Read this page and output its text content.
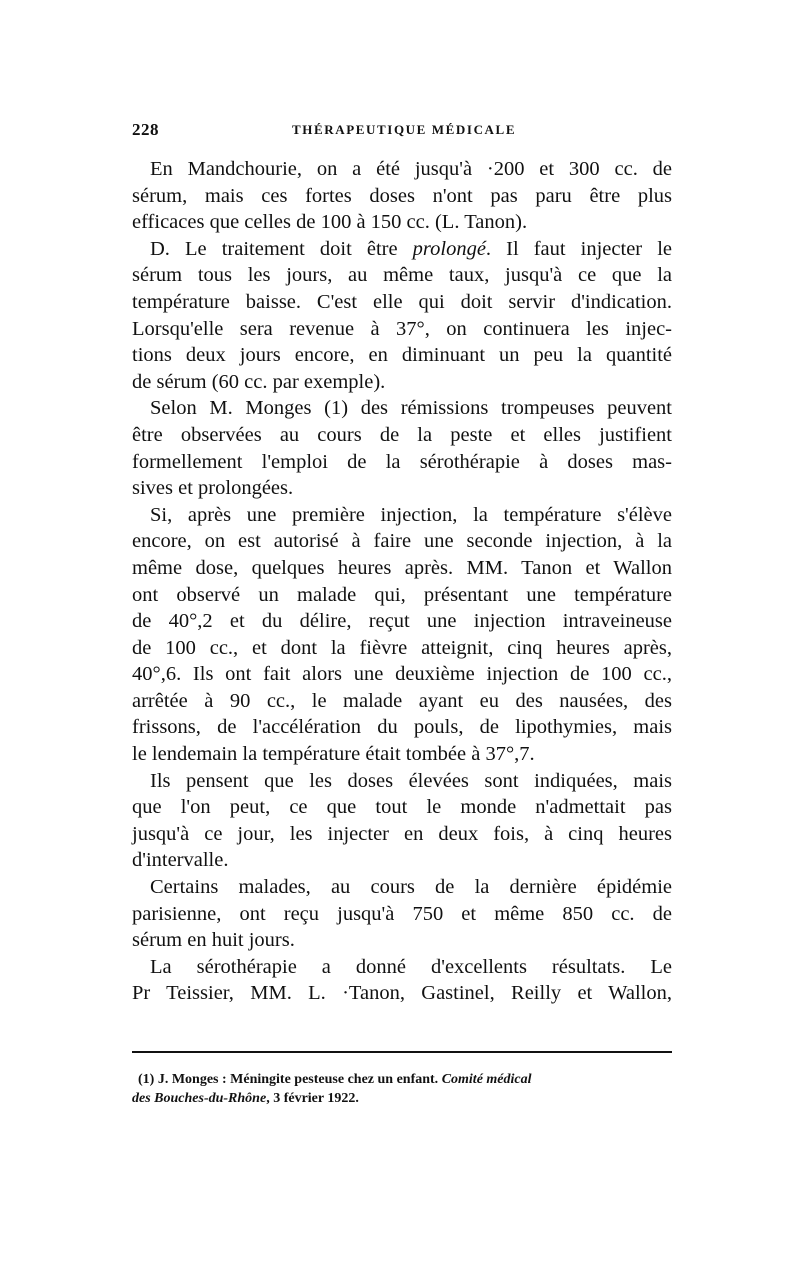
228	THÉRAPEUTIQUE MÉDICALE
En Mandchourie, on a été jusqu'à ·200 et 300 cc. de
sérum, mais ces fortes doses n'ont pas paru être plus
efficaces que celles de 100 à 150 cc. (L. Tanon).
D. Le traitement doit être prolongé. Il faut injecter le
sérum tous les jours, au même taux, jusqu'à ce que la
température baisse. C'est elle qui doit servir d'indication.
Lorsqu'elle sera revenue à 37°, on continuera les injec-
tions deux jours encore, en diminuant un peu la quantité
de sérum (60 cc. par exemple).
Selon M. Monges (1) des rémissions trompeuses peuvent
être observées au cours de la peste et elles justifient
formellement l'emploi de la sérothérapie à doses mas-
sives et prolongées.
Si, après une première injection, la température s'élève
encore, on est autorisé à faire une seconde injection, à la
même dose, quelques heures après. MM. Tanon et Wallon
ont observé un malade qui, présentant une température
de 40°,2 et du délire, reçut une injection intraveineuse
de 100 cc., et dont la fièvre atteignit, cinq heures après,
40°,6. Ils ont fait alors une deuxième injection de 100 cc.,
arrêtée à 90 cc., le malade ayant eu des nausées, des
frissons, de l'accélération du pouls, de lipothymies, mais
le lendemain la température était tombée à 37°,7.
Ils pensent que les doses élevées sont indiquées, mais
que l'on peut, ce que tout le monde n'admettait pas
jusqu'à ce jour, les injecter en deux fois, à cinq heures
d'intervalle.
Certains malades, au cours de la dernière épidémie
parisienne, ont reçu jusqu'à 750 et même 850 cc. de
sérum en huit jours.
La sérothérapie a donné d'excellents résultats. Le
Pr Teissier, MM. L. ·Tanon, Gastinel, Reilly et Wallon,
(1) J. Monges : Méningite pesteuse chez un enfant. Comité médical
des Bouches-du-Rhône, 3 février 1922.
